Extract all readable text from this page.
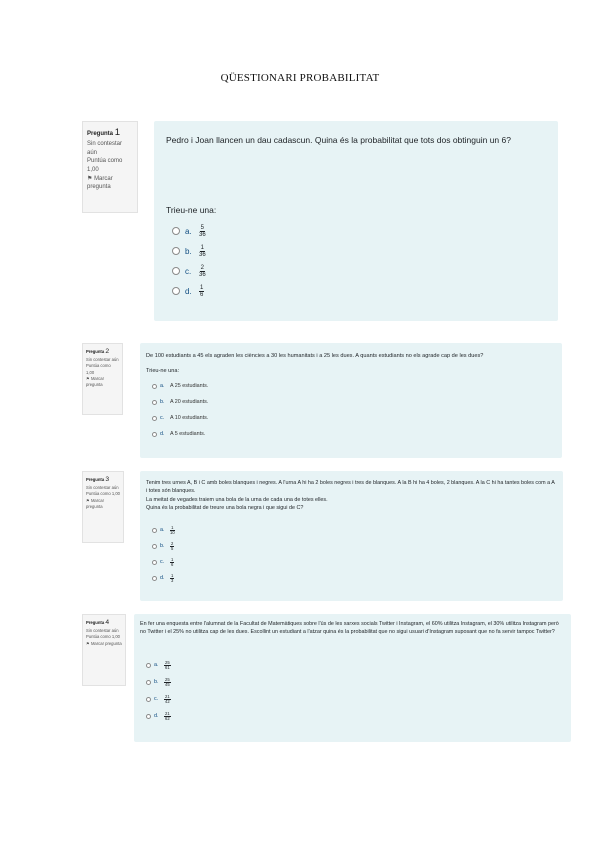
QÜESTIONARI PROBABILITAT
Pregunta 1
Sin contestar aún
Puntúa como 1,00
⚑ Marcar pregunta

Pedro i Joan llancen un dau cadascun. Quina és la probabilitat que tots dos obtinguin un 6?

Trieu-ne una:
a.	$\frac{5}{36}$
b.	$\frac{1}{36}$
c.	$\frac{2}{36}$
d.	$\frac{1}{6}$
Pregunta 2
Sin contestar aún
Puntúa como 1,00
⚑ Marcar pregunta

De 100 estudiants a 45 els agraden les ciències a 30 les humanitats i a 25 les dues. A quants estudiants no els agrade cap de les dues?

Trieu-ne una:
a.	A 25 estudiants.
b.	A 20 estudiants.
c.	A 10 estudiants.
d.	A 5 estudiants.
Pregunta 3
Sin contestar aún
Puntúa como 1,00
⚑ Marcar pregunta

Tenim tres urnes A, B i C amb boles blanques i negres. A l'urna A hi ha 2 boles negres i tres de blanques. A la B hi ha 4 boles, 2 blanques. A la C hi ha tantes boles com a A i totes són blanques.

La meitat de vegades traiem una bola de la urna de cada una de totes elles.

Quina és la probabilitat de treure una bola negra i que sigui de C?

a.	$\frac{1}{10}$
b.	$\frac{2}{5}$
c.	$\frac{1}{6}$
d.	$\frac{1}{3}$
Pregunta 4
Sin contestar aún
Puntúa como 1,00
⚑ Marcar pregunta

En fer una enquesta entre l'alumnat de la Facultat de Matemàtiques sobre l'ús de les xarxes socials Twitter i Instagram, el 60% utilitza Instagram, el 30% utilitza Instagram però no Twitter i el 25% no utilitza cap de les dues. Escollint un estudiant a l'atzar quina és la probabilitat que no sigui usuari d'Instagram suposant que no fa servir tampoc Twitter?

a.	$\frac{25}{61}$
b.	$\frac{25}{45}$
c.	$\frac{21}{42}$
d.	$\frac{21}{62}$
